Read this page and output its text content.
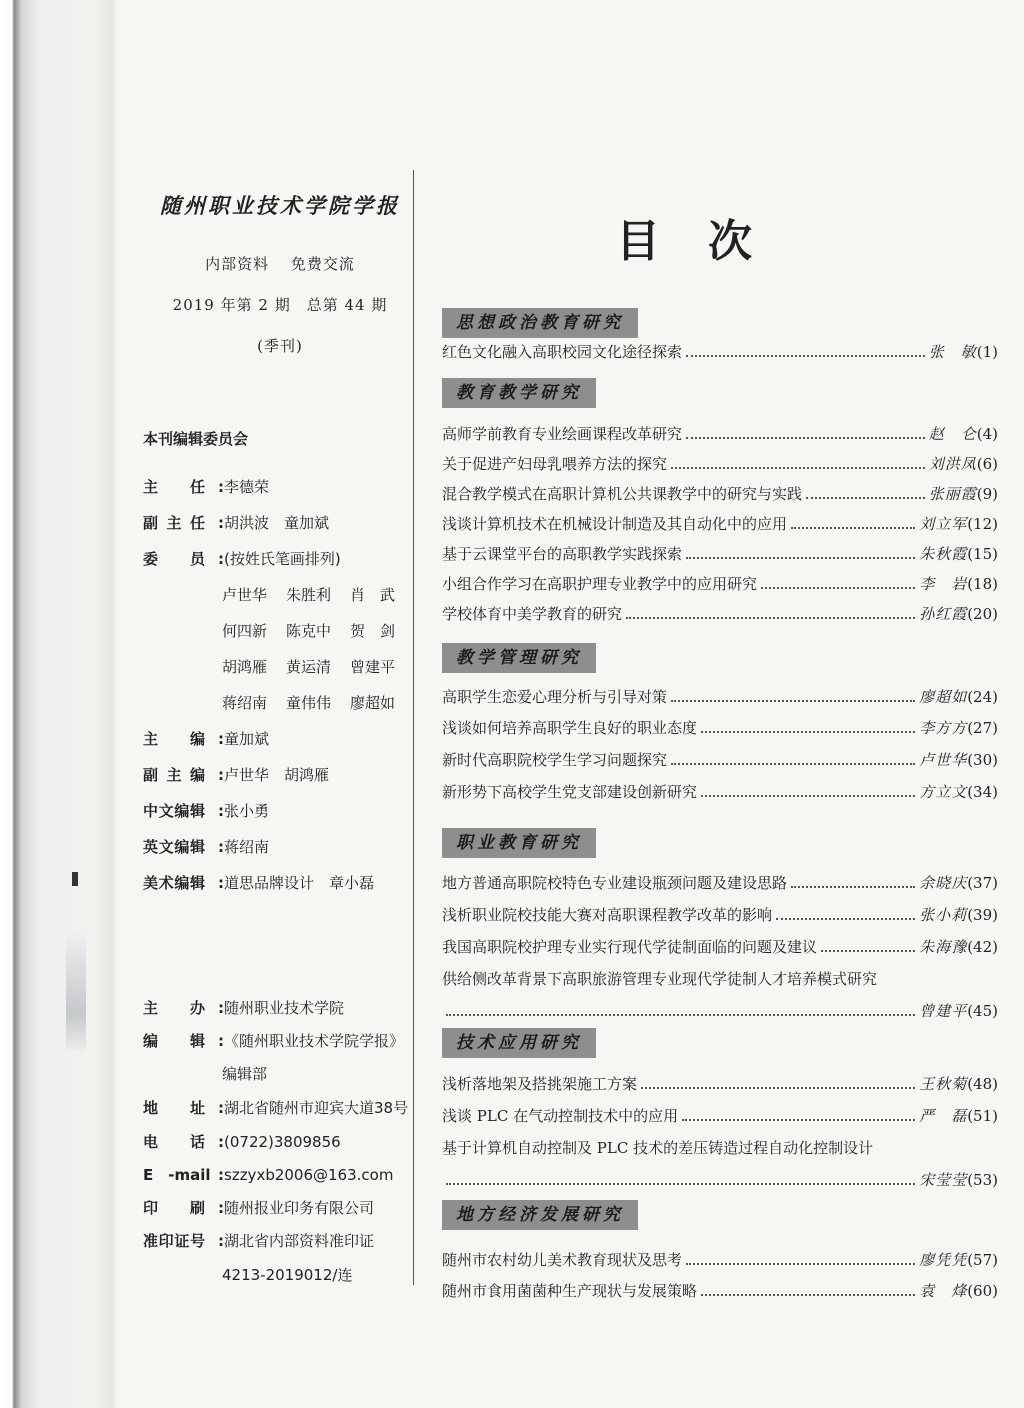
随州职业技术学院学报
内部资料　 免费交流
2019 年第 2 期　总第 44 期
(季刊)
本刊编辑委员会
主　任 :李德荣
副 主 任 :胡洪波　童加斌
委　员 :(按姓氏笔画排列)
卢世华 朱胜利 肖　武
何四新 陈克中 贺　剑
胡鸿雁 黄运清 曾建平
蒋绍南 童伟伟 廖超如
主　编 :童加斌
副 主 编 :卢世华　胡鸿雁
中文编辑 :张小勇
英文编辑 :蒋绍南
美术编辑 :道思品牌设计　章小磊
主　办 :随州职业技术学院
编　辑 :《随州职业技术学院学报》
编辑部
地　址 :湖北省随州市迎宾大道38号
电　话 :(0722)3809856
E　-mail :szzyxb2006@163.com
印　刷 :随州报业印务有限公司
准印证号 :湖北省内部资料准印证
4213-2019012/连
目次
思想政治教育研究
红色文化融入高职校园文化途径探索	张　敏 (1)
教育教学研究
高师学前教育专业绘画课程改革研究	赵　仑 (4)
关于促进产妇母乳喂养方法的探究	刘洪凤 (6)
混合教学模式在高职计算机公共课教学中的研究与实践	张丽霞 (9)
浅谈计算机技术在机械设计制造及其自动化中的应用	刘立军 (12)
基于云课堂平台的高职教学实践探索	朱秋霞 (15)
小组合作学习在高职护理专业教学中的应用研究	李　岩 (18)
学校体育中美学教育的研究	孙红霞 (20)
教学管理研究
高职学生恋爱心理分析与引导对策	廖超如 (24)
浅谈如何培养高职学生良好的职业态度	李方方 (27)
新时代高职院校学生学习问题探究	卢世华 (30)
新形势下高校学生党支部建设创新研究	方立文 (34)
职业教育研究
地方普通高职院校特色专业建设瓶颈问题及建设思路	余晓庆 (37)
浅析职业院校技能大赛对高职课程教学改革的影响	张小莉 (39)
我国高职院校护理专业实行现代学徒制面临的问题及建议	朱海豫 (42)
供给侧改革背景下高职旅游管理专业现代学徒制人才培养模式研究
曾建平 (45)
技术应用研究
浅析落地架及搭挑架施工方案	王秋菊 (48)
浅谈 PLC 在气动控制技术中的应用	严　磊 (51)
基于计算机自动控制及 PLC 技术的差压铸造过程自动化控制设计
宋莹莹 (53)
地方经济发展研究
随州市农村幼儿美术教育现状及思考	廖凭凭 (57)
随州市食用菌菌种生产现状与发展策略	袁　烽 (60)
